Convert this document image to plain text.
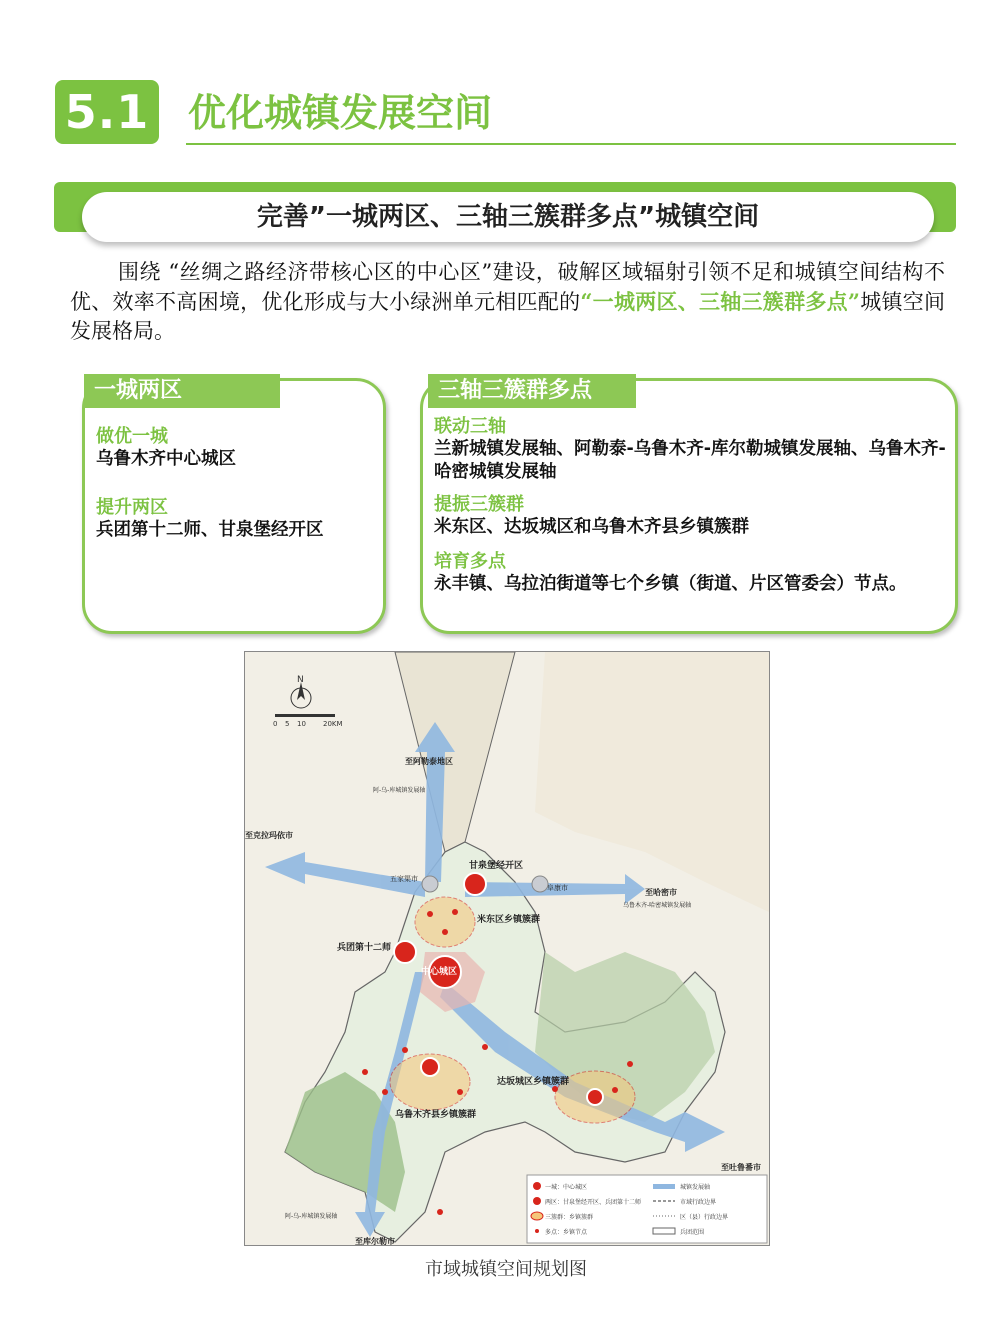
5.1 优化城镇发展空间
完善”一城两区、三轴三簇群多点”城镇空间
围绕 “丝绸之路经济带核心区的中心区”建设，破解区域辐射引领不足和城镇空间结构不优、效率不高困境，优化形成与大小绿洲单元相匹配的“一城两区、三轴三簇群多点”城镇空间发展格局。
一城两区
做优一城
乌鲁木齐中心城区
提升两区
兵团第十二师、甘泉堡经开区
三轴三簇群多点
联动三轴
兰新城镇发展轴、阿勒泰-乌鲁木齐-库尔勒城镇发展轴、乌鲁木齐-哈密城镇发展轴
提振三簇群
米东区、达坂城区和乌鲁木齐县乡镇簇群
培育多点
永丰镇、乌拉泊街道等七个乡镇（街道、片区管委会）节点。
N
0 5 10 20KM
至阿勒泰地区
至克拉玛依市
至哈密市
至吐鲁番市
至库尔勒市
甘泉堡经开区
米东区乡镇簇群
兵团第十二师
中心城区
达坂城区乡镇簇群
乌鲁木齐县乡镇簇群
五家渠市
阜康市
阿-乌-库城镇发展轴
乌鲁木齐-哈密城镇发展轴
阿-乌-库城镇发展轴
一城：中心城区
两区：甘泉堡经开区、兵团第十二师
三簇群：乡镇簇群
多点：乡镇节点
城镇发展轴
市域行政边界
区（县）行政边界
兵团范围
市域城镇空间规划图
